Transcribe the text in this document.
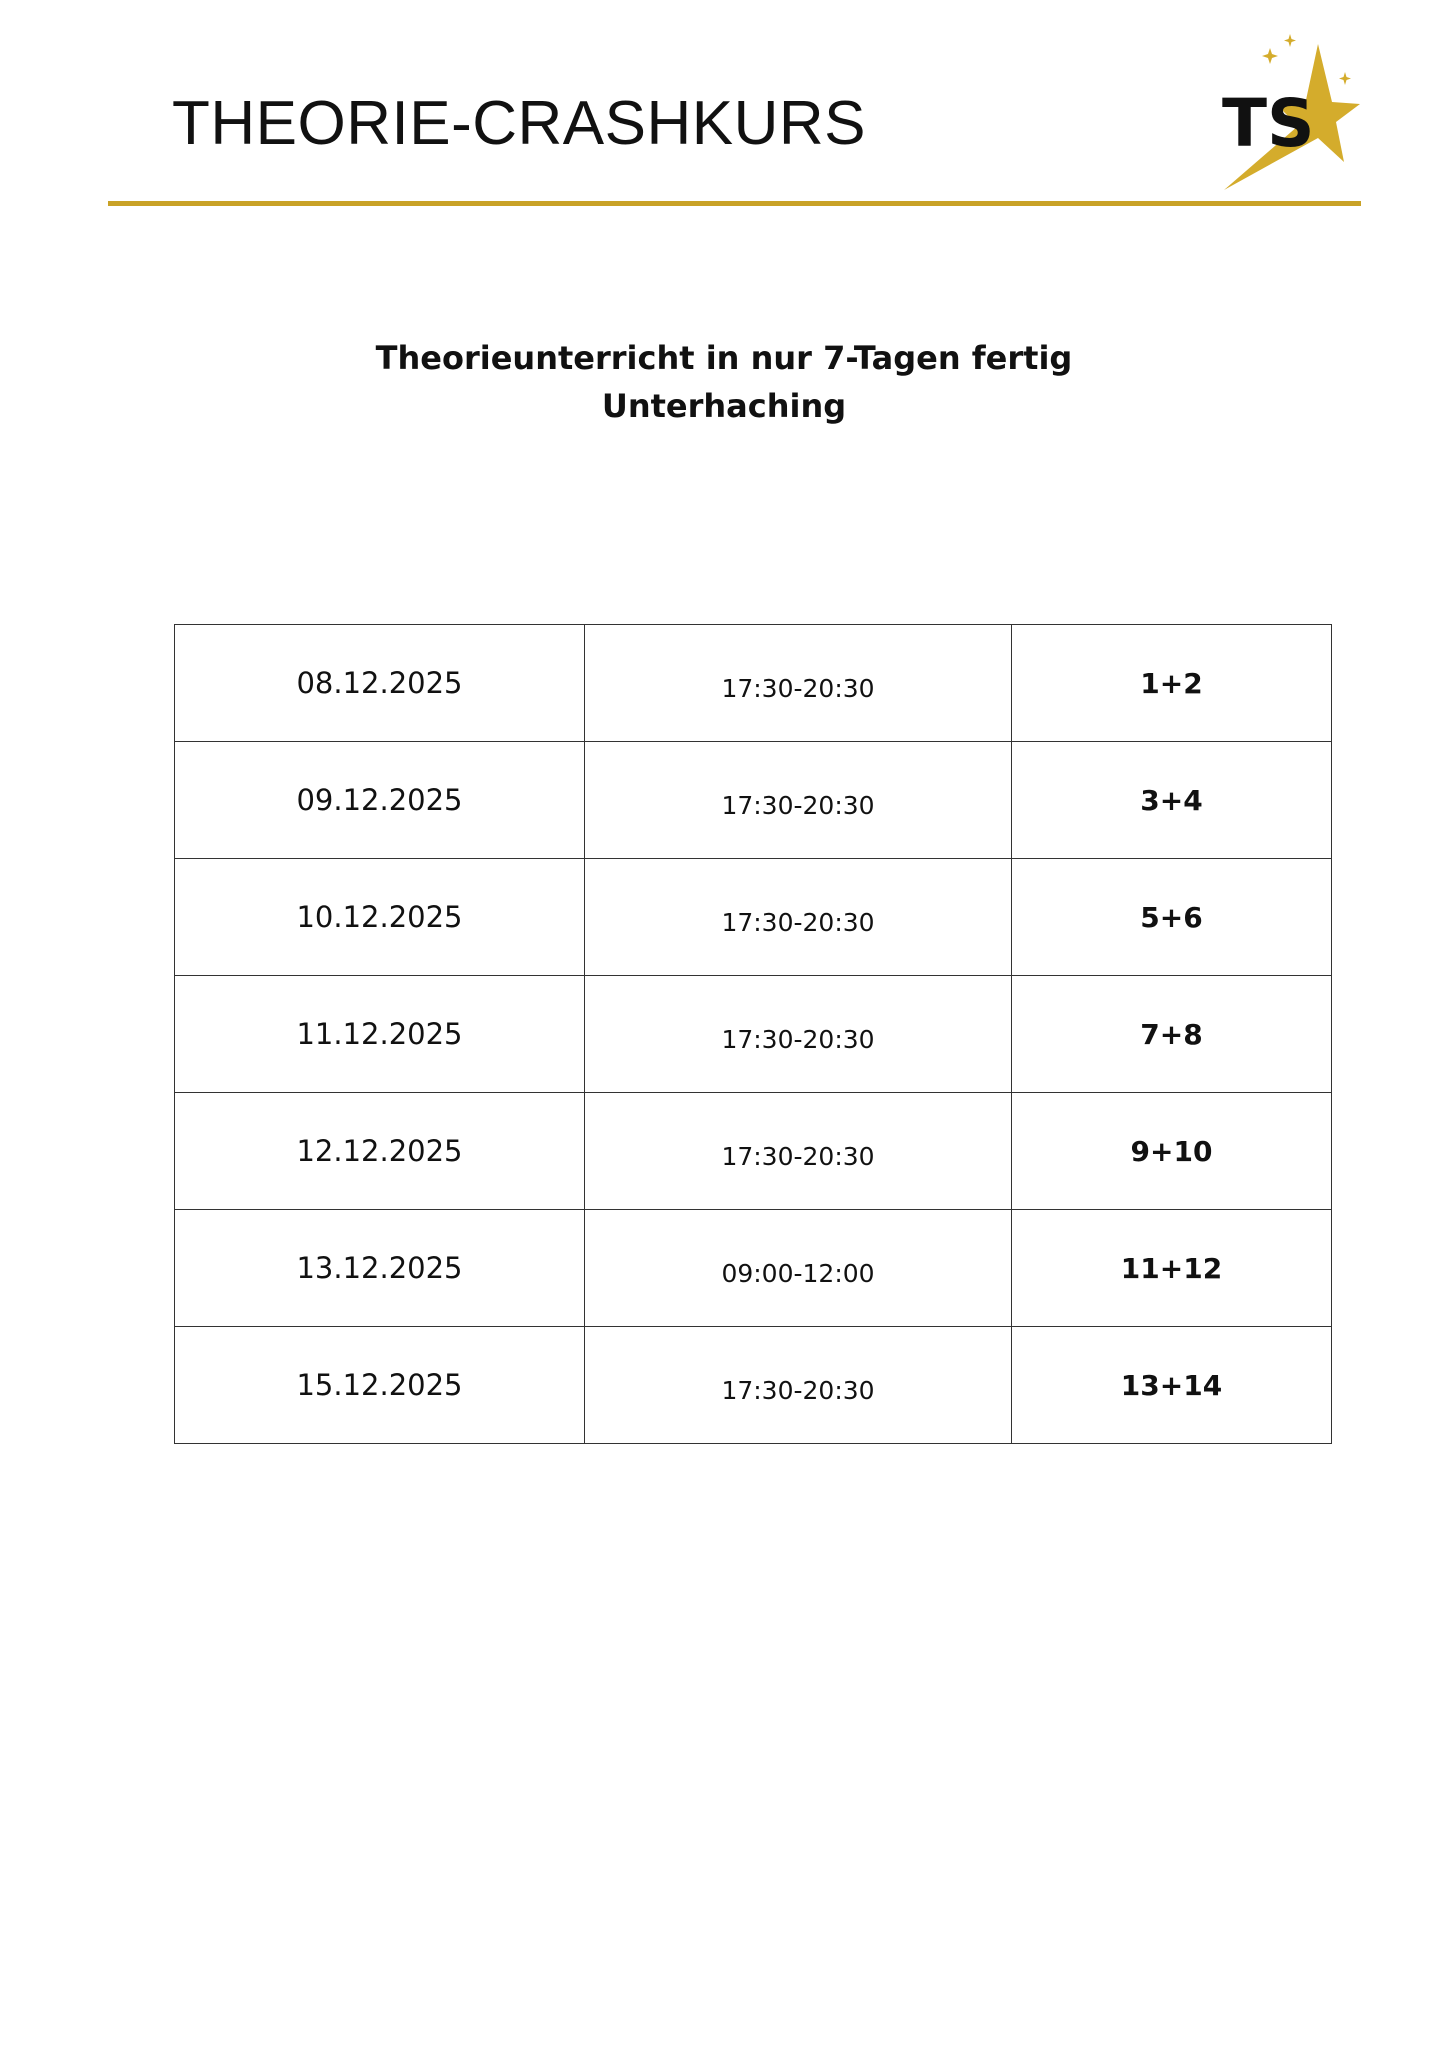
THEORIE-CRASHKURS	TS
Theorieunterricht in nur 7-Tagen fertig
Unterhaching
08.12.2025	17:30-20:30	1+2
09.12.2025	17:30-20:30	3+4
10.12.2025	17:30-20:30	5+6
11.12.2025	17:30-20:30	7+8
12.12.2025	17:30-20:30	9+10
13.12.2025	09:00-12:00	11+12
15.12.2025	17:30-20:30	13+14
